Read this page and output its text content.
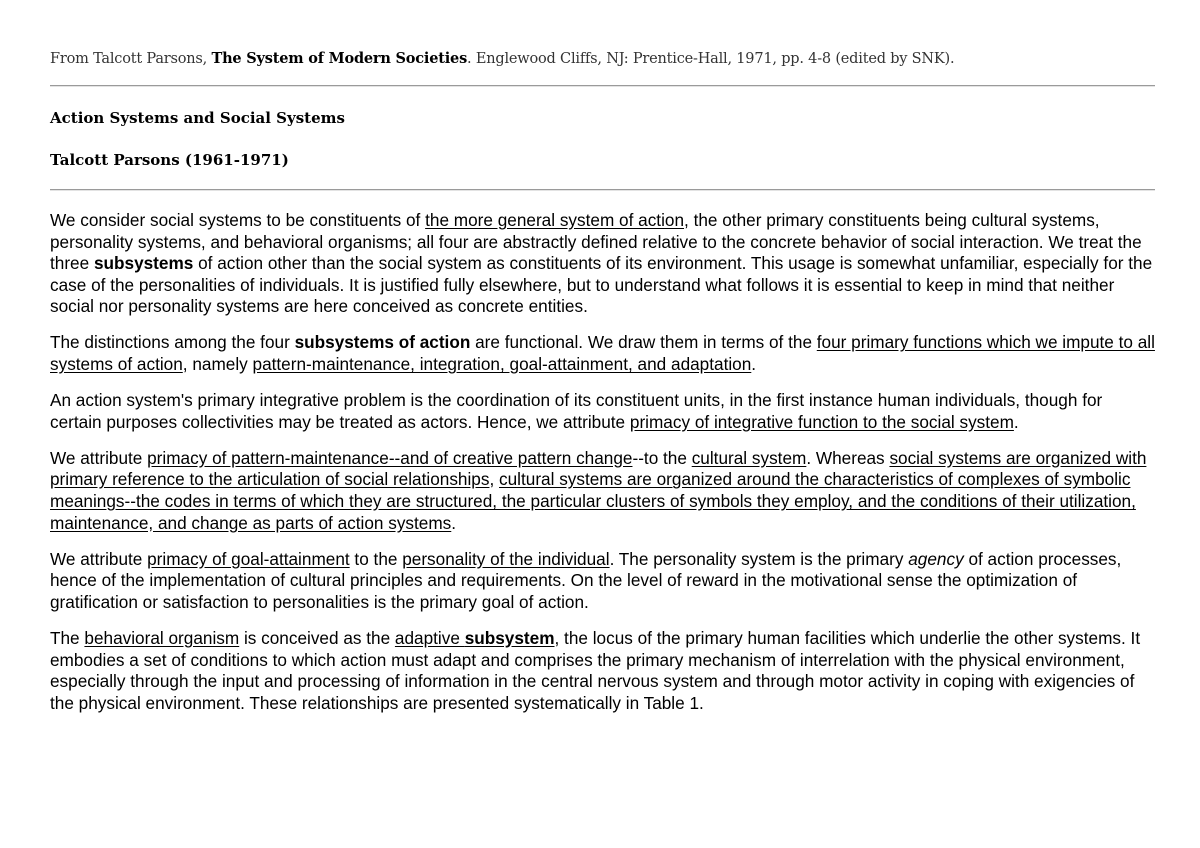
From Talcott Parsons, The System of Modern Societies. Englewood Cliffs, NJ: Prentice-Hall, 1971, pp. 4-8 (edited by SNK).
Action Systems and Social Systems
Talcott Parsons (1961-1971)

We consider social systems to be constituents of the more general system of action, the other primary constituents being cultural systems, personality systems, and behavioral organisms; all four are abstractly defined relative to the concrete behavior of social interaction. We treat the three subsystems of action other than the social system as constituents of its environment. This usage is somewhat unfamiliar, especially for the case of the personalities of individuals. It is justified fully elsewhere, but to understand what follows it is essential to keep in mind that neither social nor personality systems are here conceived as concrete entities.

The distinctions among the four subsystems of action are functional. We draw them in terms of the four primary functions which we impute to all systems of action, namely pattern-maintenance, integration, goal-attainment, and adaptation.

An action system's primary integrative problem is the coordination of its constituent units, in the first instance human individuals, though for certain purposes collectivities may be treated as actors. Hence, we attribute primacy of integrative function to the social system.

We attribute primacy of pattern-maintenance--and of creative pattern change--to the cultural system. Whereas social systems are organized with primary reference to the articulation of social relationships, cultural systems are organized around the characteristics of complexes of symbolic meanings--the codes in terms of which they are structured, the particular clusters of symbols they employ, and the conditions of their utilization, maintenance, and change as parts of action systems.

We attribute primacy of goal-attainment to the personality of the individual. The personality system is the primary agency of action processes, hence of the implementation of cultural principles and requirements. On the level of reward in the motivational sense the optimization of gratification or satisfaction to personalities is the primary goal of action.

The behavioral organism is conceived as the adaptive subsystem, the locus of the primary human facilities which underlie the other systems. It embodies a set of conditions to which action must adapt and comprises the primary mechanism of interrelation with the physical environment, especially through the input and processing of information in the central nervous system and through motor activity in coping with exigencies of the physical environment. These relationships are presented systematically in Table 1.
